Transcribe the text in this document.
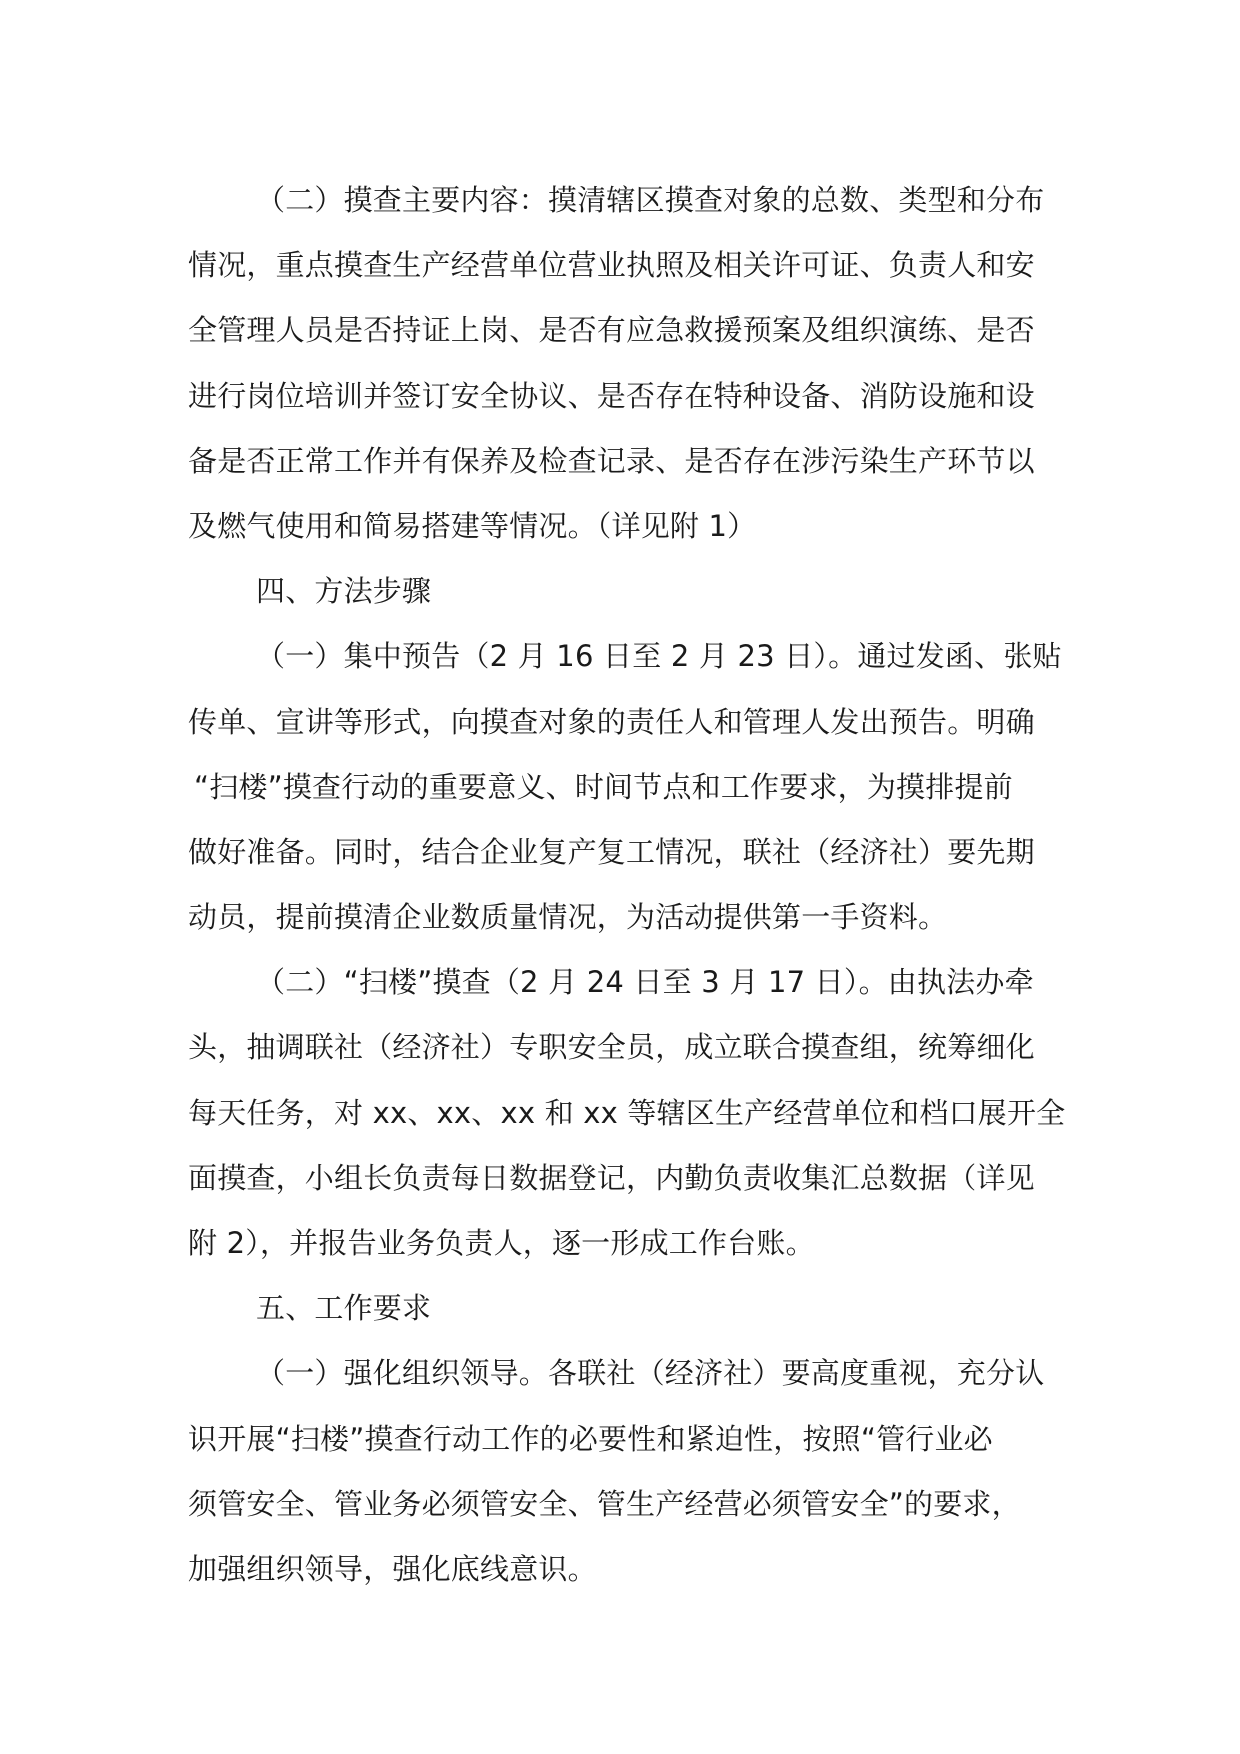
（二）摸查主要内容：摸清辖区摸查对象的总数、类型和分布
情况，重点摸查生产经营单位营业执照及相关许可证、负责人和安
全管理人员是否持证上岗、是否有应急救援预案及组织演练、是否
进行岗位培训并签订安全协议、是否存在特种设备、消防设施和设
备是否正常工作并有保养及检查记录、是否存在涉污染生产环节以
及燃气使用和简易搭建等情况。（详见附 1）
四、方法步骤
（一）集中预告（2 月 16 日至 2 月 23 日）。通过发函、张贴
传单、宣讲等形式，向摸查对象的责任人和管理人发出预告。明确
“扫楼”摸查行动的重要意义、时间节点和工作要求，为摸排提前
做好准备。同时，结合企业复产复工情况，联社（经济社）要先期
动员，提前摸清企业数质量情况，为活动提供第一手资料。
（二）“扫楼”摸查（2 月 24 日至 3 月 17 日）。由执法办牵
头，抽调联社（经济社）专职安全员，成立联合摸查组，统筹细化
每天任务，对 xx、xx、xx 和 xx 等辖区生产经营单位和档口展开全
面摸查，小组长负责每日数据登记，内勤负责收集汇总数据（详见
附 2），并报告业务负责人，逐一形成工作台账。
五、工作要求
（一）强化组织领导。各联社（经济社）要高度重视，充分认
识开展“扫楼”摸查行动工作的必要性和紧迫性，按照“管行业必
须管安全、管业务必须管安全、管生产经营必须管安全”的要求，
加强组织领导，强化底线意识。
